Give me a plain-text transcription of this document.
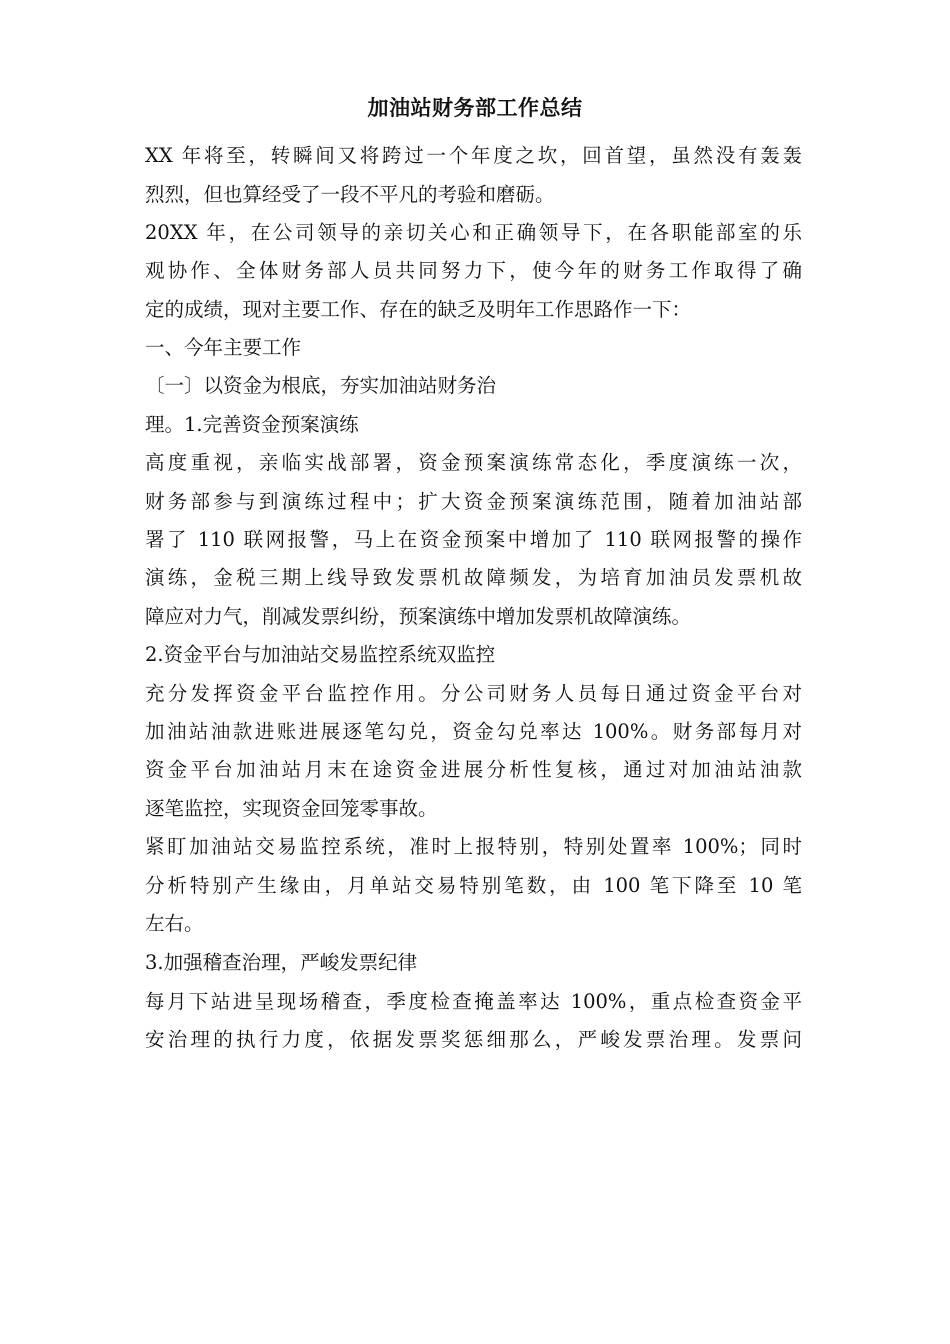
加油站财务部工作总结
XX 年将至，转瞬间又将跨过一个年度之坎，回首望，虽然没有轰轰
烈烈，但也算经受了一段不平凡的考验和磨砺。
20XX 年，在公司领导的亲切关心和正确领导下，在各职能部室的乐
观协作、全体财务部人员共同努力下，使今年的财务工作取得了确
定的成绩，现对主要工作、存在的缺乏及明年工作思路作一下：
一、今年主要工作
〔一〕以资金为根底，夯实加油站财务治
理。1.完善资金预案演练
高度重视，亲临实战部署，资金预案演练常态化，季度演练一次，
财务部参与到演练过程中；扩大资金预案演练范围，随着加油站部
署了 110 联网报警，马上在资金预案中增加了 110 联网报警的操作
演练，金税三期上线导致发票机故障频发，为培育加油员发票机故
障应对力气，削减发票纠纷，预案演练中增加发票机故障演练。
2.资金平台与加油站交易监控系统双监控
充分发挥资金平台监控作用。分公司财务人员每日通过资金平台对
加油站油款进账进展逐笔勾兑，资金勾兑率达 100%。财务部每月对
资金平台加油站月末在途资金进展分析性复核，通过对加油站油款
逐笔监控，实现资金回笼零事故。
紧盯加油站交易监控系统，准时上报特别，特别处置率 100%；同时
分析特别产生缘由，月单站交易特别笔数，由 100 笔下降至 10 笔
左右。
3.加强稽查治理，严峻发票纪律
每月下站进呈现场稽查，季度检查掩盖率达 100%，重点检查资金平
安治理的执行力度，依据发票奖惩细那么，严峻发票治理。发票问
